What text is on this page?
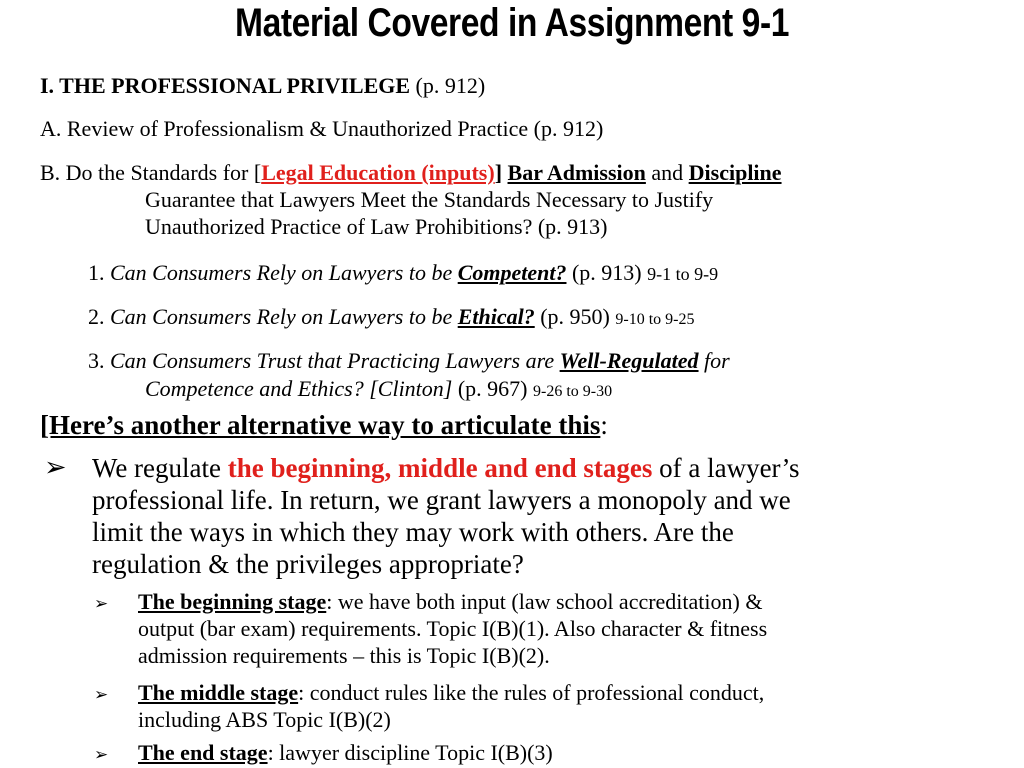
Material Covered in Assignment 9-1
I. THE PROFESSIONAL PRIVILEGE (p. 912)
A. Review of Professionalism & Unauthorized Practice (p. 912)
B. Do the Standards for [Legal Education (inputs)] Bar Admission and Discipline
Guarantee that Lawyers Meet the Standards Necessary to Justify
Unauthorized Practice of Law Prohibitions? (p. 913)
1. Can Consumers Rely on Lawyers to be Competent? (p. 913) 9-1 to 9-9
2. Can Consumers Rely on Lawyers to be Ethical? (p. 950) 9-10 to 9-25
3. Can Consumers Trust that Practicing Lawyers are Well-Regulated for
Competence and Ethics? [Clinton] (p. 967) 9-26 to 9-30
[Here’s another alternative way to articulate this:
➢ We regulate the beginning, middle and end stages of a lawyer’s
professional life. In return, we grant lawyers a monopoly and we
limit the ways in which they may work with others. Are the
regulation & the privileges appropriate?
➢ The beginning stage: we have both input (law school accreditation) &
output (bar exam) requirements. Topic I(B)(1). Also character & fitness
admission requirements – this is Topic I(B)(2).
➢ The middle stage: conduct rules like the rules of professional conduct,
including ABS Topic I(B)(2)
➢ The end stage: lawyer discipline Topic I(B)(3)
